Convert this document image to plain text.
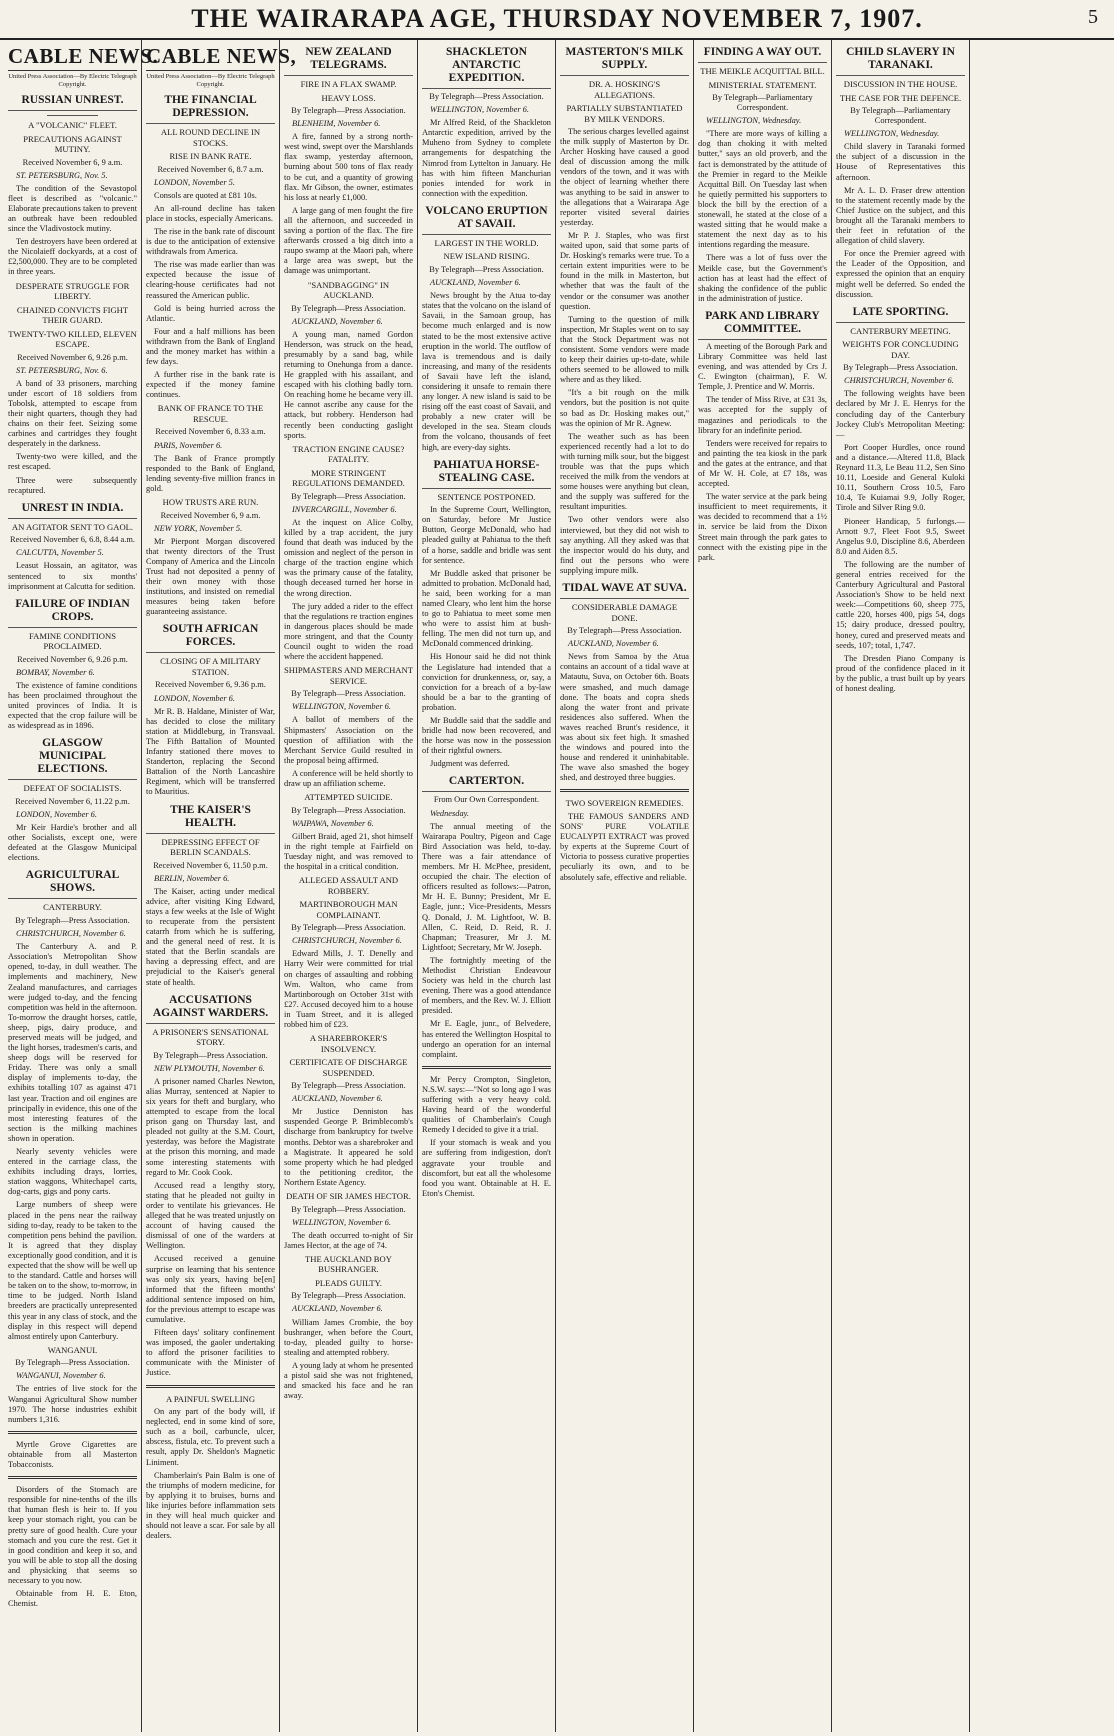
THE WAIRARAPA AGE, THURSDAY NOVEMBER 7, 1907.	5
CABLE NEWS.
United Press Association—By Electric Telegraph Copyright.
RUSSIAN UNREST.
A "VOLCANIC" FLEET.
PRECAUTIONS AGAINST MUTINY.
Received November 6, 9 a.m.
ST. PETERSBURG, Nov. 5.
The condition of the Sevastopol fleet is described as "volcanic." Elaborate precautions taken to prevent an outbreak have been redoubled since the Vladivostock mutiny.
Ten destroyers have been ordered at the Nicolaieff dockyards, at a cost of £2,500,000. They are to be completed in three years.
DESPERATE STRUGGLE FOR LIBERTY.
CHAINED CONVICTS FIGHT THEIR GUARD.
TWENTY-TWO KILLED, ELEVEN ESCAPE.
Received November 6, 9.26 p.m.
ST. PETERSBURG, Nov. 6.
A band of 33 prisoners, marching under escort of 18 soldiers from Tobolsk, attempted to escape from their night quarters, though they had chains on their feet. Seizing some carbines and cartridges they fought desperately in the darkness.
Twenty-two were killed, and the rest escaped.
Three were subsequently recaptured.
UNREST IN INDIA.
AN AGITATOR SENT TO GAOL.
Received November 6, 6.8, 8.44 a.m.
CALCUTTA, November 5.
Leasut Hossain, an agitator, was sentenced to six months' imprisonment at Calcutta for sedition.
FAILURE OF INDIAN CROPS.
FAMINE CONDITIONS PROCLAIMED.
Received November 6, 9.26 p.m.
BOMBAY, November 6.
The existence of famine conditions has been proclaimed throughout the united provinces of India. It is expected that the crop failure will be as widespread as in 1896.
GLASGOW MUNICIPAL ELECTIONS.
DEFEAT OF SOCIALISTS.
Received November 6, 11.22 p.m.
LONDON, November 6.
Mr Keir Hardie's brother and all other Socialists, except one, were defeated at the Glasgow Municipal elections.
AGRICULTURAL SHOWS.
CANTERBURY.
By Telegraph—Press Association.
CHRISTCHURCH, November 6.
The Canterbury A. and P. Association's Metropolitan Show opened, to-day, in dull weather. The implements and machinery, New Zealand manufactures, and carriages were judged to-day, and the fencing competition was held in the afternoon. To-morrow the draught horses, cattle, sheep, pigs, dairy produce, and preserved meats will be judged, and the light horses, tradesmen's carts, and sheep dogs will be reserved for Friday. There was only a small display of implements to-day, the exhibits totalling 107 as against 471 last year. Traction and oil engines are principally in evidence, this one of the most interesting features of the section is the milking machines shown in operation.
Nearly seventy vehicles were entered in the carriage class, the exhibits including drays, lorries, station waggons, Whitechapel carts, dog-carts, gigs and pony carts.
Large numbers of sheep were placed in the pens near the railway siding to-day, ready to be taken to the competition pens behind the pavilion. It is agreed that they display exceptionally good condition, and it is expected that the show will be well up to the standard. Cattle and horses will be taken on to the show, to-morrow, in time to be judged. North Island breeders are practically unrepresented this year in any class of stock, and the display in this respect will depend almost entirely upon Canterbury.
WANGANUI.
By Telegraph—Press Association.
WANGANUI, November 6.
The entries of live stock for the Wanganui Agricultural Show number 1970. The horse industries exhibit numbers 1,316.
Myrtle Grove Cigarettes are obtainable from all Masterton Tobacconists.
Disorders of the Stomach are responsible for nine-tenths of the ills that human flesh is heir to. If you keep your stomach right, you can be pretty sure of good health. Cure your stomach and you cure the rest. Get it in good condition and keep it so, and you will be able to stop all the dosing and physicking that seems so necessary to you now.
Obtainable from H. E. Eton, Chemist.
CABLE NEWS,
United Press Association—By Electric Telegraph Copyright.
THE FINANCIAL DEPRESSION.
ALL ROUND DECLINE IN STOCKS.
RISE IN BANK RATE.
Received November 6, 8.7 a.m.
LONDON, November 5.
Consols are quoted at £81 10s.
An all-round decline has taken place in stocks, especially Americans.
The rise in the bank rate of discount is due to the anticipation of extensive withdrawals from America.
The rise was made earlier than was expected because the issue of clearing-house certificates had not reassured the American public.
Gold is being hurried across the Atlantic.
Four and a half millions has been withdrawn from the Bank of England and the money market has within a few days.
A further rise in the bank rate is expected if the money famine continues.
BANK OF FRANCE TO THE RESCUE.
Received November 6, 8.33 a.m.
PARIS, November 6.
The Bank of France promptly responded to the Bank of England, lending seventy-five million francs in gold.
HOW TRUSTS ARE RUN.
Received November 6, 9 a.m.
NEW YORK, November 5.
Mr Pierpont Morgan discovered that twenty directors of the Trust Company of America and the Lincoln Trust had not deposited a penny of their own money with those institutions, and insisted on remedial measures being taken before guaranteeing assistance.
SOUTH AFRICAN FORCES.
CLOSING OF A MILITARY STATION.
Received November 6, 9.36 p.m.
LONDON, November 6.
Mr R. B. Haldane, Minister of War, has decided to close the military station at Middleburg, in Transvaal. The Fifth Battalion of Mounted Infantry stationed there moves to Standerton, replacing the Second Battalion of the North Lancashire Regiment, which will be transferred to Mauritius.
THE KAISER'S HEALTH.
DEPRESSING EFFECT OF BERLIN SCANDALS.
Received November 6, 11.50 p.m.
BERLIN, November 6.
The Kaiser, acting under medical advice, after visiting King Edward, stays a few weeks at the Isle of Wight to recuperate from the persistent catarrh from which he is suffering, and the general need of rest. It is stated that the Berlin scandals are having a depressing effect, and are prejudicial to the Kaiser's general state of health.
ACCUSATIONS AGAINST WARDERS.
A PRISONER'S SENSATIONAL STORY.
By Telegraph—Press Association.
NEW PLYMOUTH, November 6.
A prisoner named Charles Newton, alias Murray, sentenced at Napier to six years for theft and burglary, who attempted to escape from the local prison gang on Thursday last, and pleaded not guilty at the S.M. Court, yesterday, was before the Magistrate at the prison this morning, and made some interesting statements with regard to Mr. Cook Cook.
Accused read a lengthy story, stating that he pleaded not guilty in order to ventilate his grievances. He alleged that he was treated unjustly on account of having caused the dismissal of one of the warders at Wellington.
Accused received a genuine surprise on learning that his sentence was only six years, having be[en] informed that the fifteen months' additional sentence imposed on him, for the previous attempt to escape was cumulative.
Fifteen days' solitary confinement was imposed, the gaoler undertaking to afford the prisoner facilities to communicate with the Minister of Justice.
A PAINFUL SWELLING
On any part of the body will, if neglected, end in some kind of sore, such as a boil, carbuncle, ulcer, abscess, fistula, etc. To prevent such a result, apply Dr. Sheldon's Magnetic Liniment.
Chamberlain's Pain Balm is one of the triumphs of modern medicine, for by applying it to bruises, burns and like injuries before inflammation sets in they will heal much quicker and should not leave a scar. For sale by all dealers.
NEW ZEALAND TELEGRAMS.
FIRE IN A FLAX SWAMP.
HEAVY LOSS.
By Telegraph—Press Association.
BLENHEIM, November 6.
A fire, fanned by a strong north-west wind, swept over the Marshlands flax swamp, yesterday afternoon, burning about 500 tons of flax ready to be cut, and a quantity of growing flax. Mr Gibson, the owner, estimates his loss at nearly £1,000.
A large gang of men fought the fire all the afternoon, and succeeded in saving a portion of the flax. The fire afterwards crossed a big ditch into a raupo swamp at the Maori pah, where a large area was swept, but the damage was unimportant.
"SANDBAGGING" IN AUCKLAND.
By Telegraph—Press Association.
AUCKLAND, November 6.
A young man, named Gordon Henderson, was struck on the head, presumably by a sand bag, while returning to Onehunga from a dance. He grappled with his assailant, and escaped with his clothing badly torn. On reaching home he became very ill. He cannot ascribe any cause for the attack, but robbery. Henderson had recently been conducting gaslight sports.
TRACTION ENGINE CAUSE? FATALITY.
MORE STRINGENT REGULATIONS DEMANDED.
By Telegraph—Press Association.
INVERCARGILL, November 6.
At the inquest on Alice Colby, killed by a trap accident, the jury found that death was induced by the omission and neglect of the person in charge of the traction engine which was the primary cause of the fatality, though deceased turned her horse in the wrong direction.
The jury added a rider to the effect that the regulations re traction engines in dangerous places should be made more stringent, and that the County Council ought to widen the road where the accident happened.
SHIPMASTERS AND MERCHANT SERVICE.
By Telegraph—Press Association.
WELLINGTON, November 6.
A ballot of members of the Shipmasters' Association on the question of affiliation with the Merchant Service Guild resulted in the proposal being affirmed.
A conference will be held shortly to draw up an affiliation scheme.
ATTEMPTED SUICIDE.
By Telegraph—Press Association.
WAIPAWA, November 6.
Gilbert Braid, aged 21, shot himself in the right temple at Fairfield on Tuesday night, and was removed to the hospital in a critical condition.
ALLEGED ASSAULT AND ROBBERY.
MARTINBOROUGH MAN COMPLAINANT.
By Telegraph—Press Association.
CHRISTCHURCH, November 6.
Edward Mills, J. T. Denelly and Harry Weir were committed for trial on charges of assaulting and robbing Wm. Walton, who came from Martinborough on October 31st with £27. Accused decoyed him to a house in Tuam Street, and it is alleged robbed him of £23.
A SHAREBROKER'S INSOLVENCY.
CERTIFICATE OF DISCHARGE SUSPENDED.
By Telegraph—Press Association.
AUCKLAND, November 6.
Mr Justice Denniston has suspended George P. Brimblecomb's discharge from bankruptcy for twelve months. Debtor was a sharebroker and a Magistrate. It appeared he sold some property which he had pledged to the petitioning creditor, the Northern Estate Agency.
DEATH OF SIR JAMES HECTOR.
By Telegraph—Press Association.
WELLINGTON, November 6.
The death occurred to-night of Sir James Hector, at the age of 74.
THE AUCKLAND BOY BUSHRANGER.
PLEADS GUILTY.
By Telegraph—Press Association.
AUCKLAND, November 6.
William James Crombie, the boy bushranger, when before the Court, to-day, pleaded guilty to horse-stealing and attempted robbery.
A young lady at whom he presented a pistol said she was not frightened, and smacked his face and he ran away.
SHACKLETON ANTARCTIC EXPEDITION.
By Telegraph—Press Association.
WELLINGTON, November 6.
Mr Alfred Reid, of the Shackleton Antarctic expedition, arrived by the Muheno from Sydney to complete arrangements for despatching the Nimrod from Lyttelton in January. He has with him fifteen Manchurian ponies intended for work in connection with the expedition.
VOLCANO ERUPTION AT SAVAII.
LARGEST IN THE WORLD.
NEW ISLAND RISING.
By Telegraph—Press Association.
AUCKLAND, November 6.
News brought by the Atua to-day states that the volcano on the island of Savaii, in the Samoan group, has become much enlarged and is now stated to be the most extensive active eruption in the world. The outflow of lava is tremendous and is daily increasing, and many of the residents of Savaii have left the island, considering it unsafe to remain there any longer. A new island is said to be rising off the east coast of Savaii, and probably a new crater will be developed in the sea. Steam clouds from the volcano, thousands of feet high, are every-day sights.
PAHIATUA HORSE-STEALING CASE.
SENTENCE POSTPONED.
In the Supreme Court, Wellington, on Saturday, before Mr Justice Button, George McDonald, who had pleaded guilty at Pahiatua to the theft of a horse, saddle and bridle was sent for sentence.
Mr Buddle asked that prisoner be admitted to probation. McDonald had, he said, been working for a man named Cleary, who lent him the horse to go to Pahiatua to meet some men who were to assist him at bush-felling. The men did not turn up, and McDonald commenced drinking.
His Honour said he did not think the Legislature had intended that a conviction for drunkenness, or, say, a conviction for a breach of a by-law should be a bar to the granting of probation.
Mr Buddle said that the saddle and bridle had now been recovered, and the horse was now in the possession of their rightful owners.
Judgment was deferred.
CARTERTON.
From Our Own Correspondent.
Wednesday.
The annual meeting of the Wairarapa Poultry, Pigeon and Cage Bird Association was held, to-day. There was a fair attendance of members. Mr H. McPhee, president, occupied the chair. The election of officers resulted as follows:—Patron, Mr H. E. Bunny; President, Mr E. Eagle, junr.; Vice-Presidents, Messrs Q. Donald, J. M. Lightfoot, W. B. Allen, C. Reid, D. Reid, R. J. Chapman; Treasurer, Mr J. M. Lightfoot; Secretary, Mr W. Joseph.
The fortnightly meeting of the Methodist Christian Endeavour Society was held in the church last evening. There was a good attendance of members, and the Rev. W. J. Elliott presided.
Mr E. Eagle, junr., of Belvedere, has entered the Wellington Hospital to undergo an operation for an internal complaint.
Mr Percy Crompton, Singleton, N.S.W. says:—"Not so long ago I was suffering with a very heavy cold. Having heard of the wonderful qualities of Chamberlain's Cough Remedy I decided to give it a trial.
If your stomach is weak and you are suffering from indigestion, don't aggravate your trouble and discomfort, but eat all the wholesome food you want. Obtainable at H. E. Eton's Chemist.
MASTERTON'S MILK SUPPLY.
DR. A. HOSKING'S ALLEGATIONS.
PARTIALLY SUBSTANTIATED BY MILK VENDORS.
The serious charges levelled against the milk supply of Masterton by Dr. Archer Hosking have caused a good deal of discussion among the milk vendors of the town, and it was with the object of learning whether there was anything to be said in answer to the allegations that a Wairarapa Age reporter visited several dairies yesterday.
Mr P. J. Staples, who was first waited upon, said that some parts of Dr. Hosking's remarks were true. To a certain extent impurities were to be found in the milk in Masterton, but whether that was the fault of the vendor or the consumer was another question.
Turning to the question of milk inspection, Mr Staples went on to say that the Stock Department was not consistent. Some vendors were made to keep their dairies up-to-date, while others seemed to be allowed to milk where and as they liked.
"It's a bit rough on the milk vendors, but the position is not quite so bad as Dr. Hosking makes out," was the opinion of Mr R. Agnew.
The weather such as has been experienced recently had a lot to do with turning milk sour, but the biggest trouble was that the pups which received the milk from the vendors at some houses were anything but clean, and the supply was suffered for the resultant impurities.
Two other vendors were also interviewed, but they did not wish to say anything. All they asked was that the inspector would do his duty, and find out the persons who were supplying impure milk.
TIDAL WAVE AT SUVA.
CONSIDERABLE DAMAGE DONE.
By Telegraph—Press Association.
AUCKLAND, November 6.
News from Samoa by the Atua contains an account of a tidal wave at Matautu, Suva, on October 6th. Boats were smashed, and much damage done. The boats and copra sheds along the water front and private residences also suffered. When the waves reached Brunt's residence, it was about six feet high. It smashed the windows and poured into the house and rendered it uninhabitable. The wave also smashed the bogey shed, and destroyed three buggies.
TWO SOVEREIGN REMEDIES.
THE FAMOUS SANDERS AND SONS' PURE VOLATILE EUCALYPTI EXTRACT was proved by experts at the Supreme Court of Victoria to possess curative properties peculiarly its own, and to be absolutely safe, effective and reliable.
FINDING A WAY OUT.
THE MEIKLE ACQUITTAL BILL.
MINISTERIAL STATEMENT.
By Telegraph—Parliamentary Correspondent.
WELLINGTON, Wednesday.
"There are more ways of killing a dog than choking it with melted butter," says an old proverb, and the fact is demonstrated by the attitude of the Premier in regard to the Meikle Acquittal Bill. On Tuesday last when he quietly permitted his supporters to block the bill by the erection of a stonewall, he stated at the close of a wasted sitting that he would make a statement the next day as to his intentions regarding the measure.
There was a lot of fuss over the Meikle case, but the Government's action has at least had the effect of shaking the confidence of the public in the administration of justice.
PARK AND LIBRARY COMMITTEE.
A meeting of the Borough Park and Library Committee was held last evening, and was attended by Crs J. C. Ewington (chairman), F. W. Temple, J. Prentice and W. Morris.
The tender of Miss Rive, at £31 3s, was accepted for the supply of magazines and periodicals to the library for an indefinite period.
Tenders were received for repairs to and painting the tea kiosk in the park and the gates at the entrance, and that of Mr W. H. Cole, at £7 18s, was accepted.
The water service at the park being insufficient to meet requirements, it was decided to recommend that a 1½ in. service be laid from the Dixon Street main through the park gates to connect with the existing pipe in the park.
CHILD SLAVERY IN TARANAKI.
DISCUSSION IN THE HOUSE.
THE CASE FOR THE DEFENCE.
By Telegraph—Parliamentary Correspondent.
WELLINGTON, Wednesday.
Child slavery in Taranaki formed the subject of a discussion in the House of Representatives this afternoon.
Mr A. L. D. Fraser drew attention to the statement recently made by the Chief Justice on the subject, and this brought all the Taranaki members to their feet in refutation of the allegation of child slavery.
For once the Premier agreed with the Leader of the Opposition, and expressed the opinion that an enquiry might well be deferred. So ended the discussion.
LATE SPORTING.
CANTERBURY MEETING.
WEIGHTS FOR CONCLUDING DAY.
By Telegraph—Press Association.
CHRISTCHURCH, November 6.
The following weights have been declared by Mr J. E. Henrys for the concluding day of the Canterbury Jockey Club's Metropolitan Meeting:—
Port Cooper Hurdles, once round and a distance.—Altered 11.8, Black Reynard 11.3, Le Beau 11.2, Sen Sino 10.11, Loeside and General Kuloki 10.11, Southern Cross 10.5, Faro 10.4, Te Kuiamai 9.9, Jolly Roger, Tirole and Silver Ring 9.0.
Pioneer Handicap, 5 furlongs.—Arnott 9.7, Fleet Foot 9.5, Sweet Angelus 9.0, Discipline 8.6, Aberdeen 8.0 and Aiden 8.5.
The following are the number of general entries received for the Canterbury Agricultural and Pastoral Association's Show to be held next week:—Competitions 60, sheep 775, cattle 220, horses 400, pigs 54, dogs 15; dairy produce, dressed poultry, honey, cured and preserved meats and seeds, 107; total, 1,747.
The Dresden Piano Company is proud of the confidence placed in it by the public, a trust built up by years of honest dealing.
